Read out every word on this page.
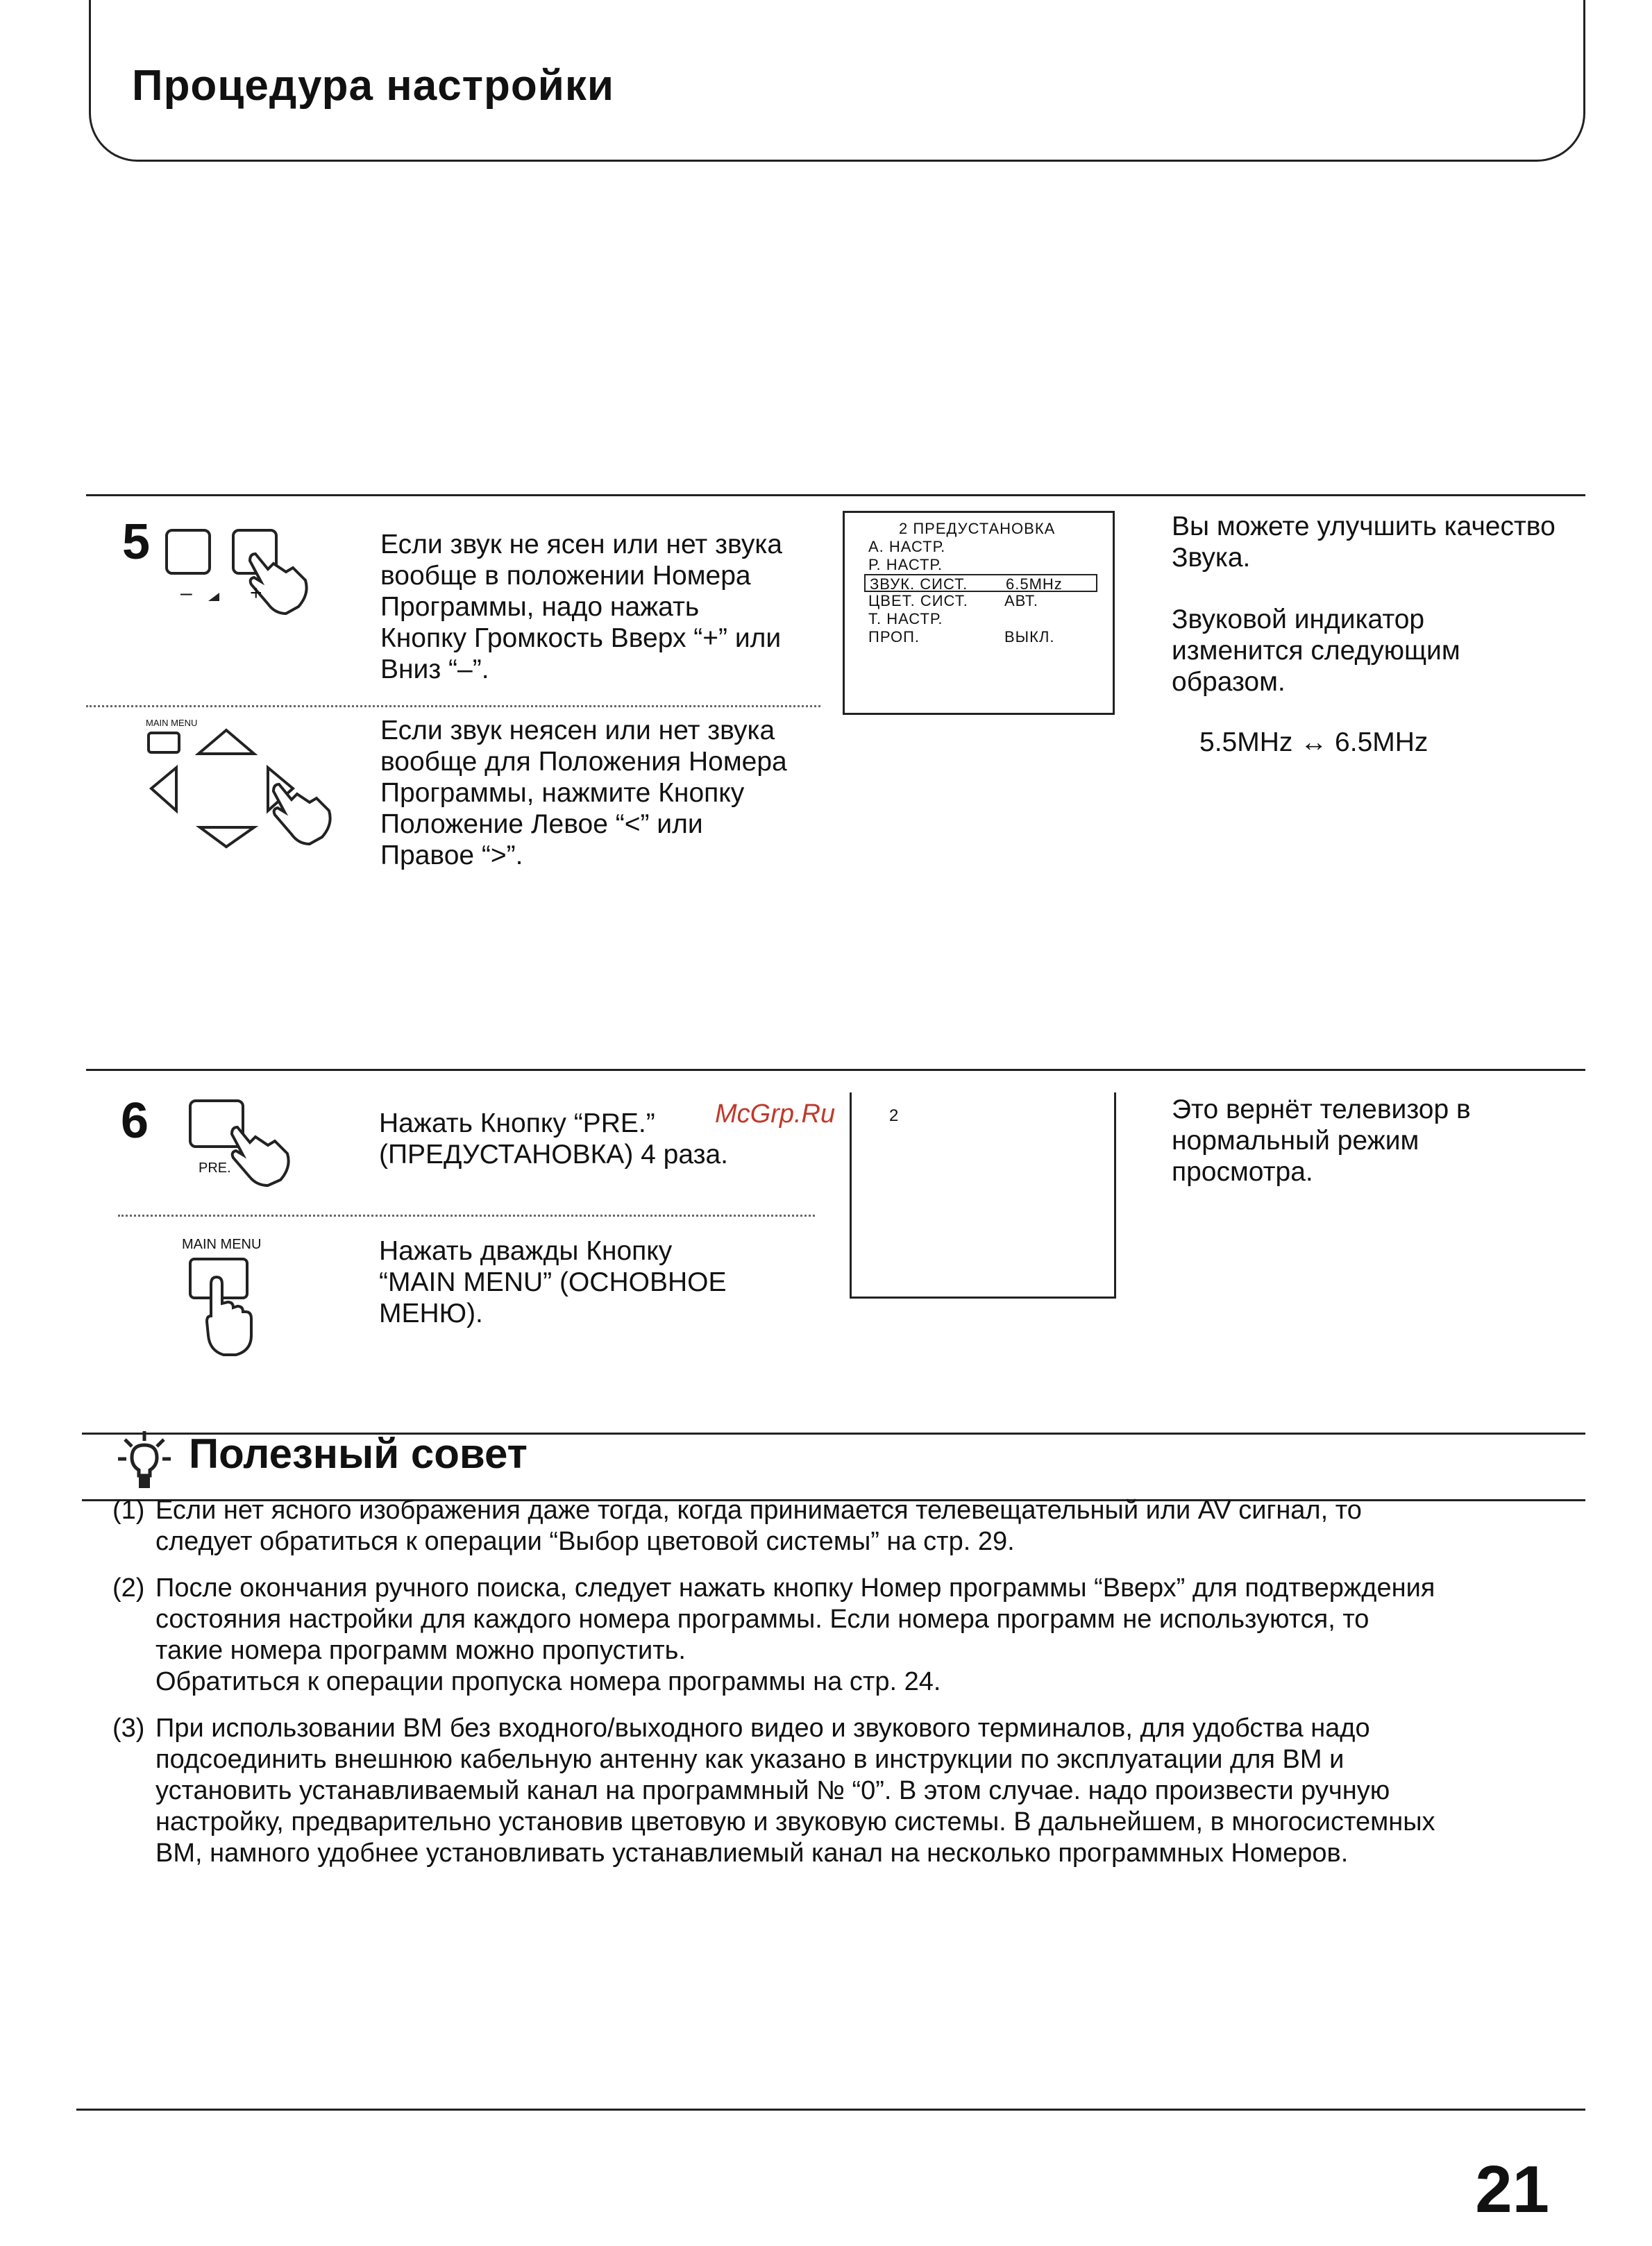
Процедура настройки
5
–	+
Если звук не ясен или нет звука
вообще в положении Номера
Программы, надо нажать
Кнопку Громкость Вверх “+” или
Вниз “–”.
MAIN MENU	Если звук неясен или нет звука
вообще для Положения Номера
Программы, нажмите Кнопку
Положение Левое “<” или
Правое “>”.
2 ПРЕДУСТАНОВКА
А. НАСТР.
Р. НАСТР.
ЗВУК. СИСТ. 6.5MHz
ЦВЕТ. СИСТ. АВТ.
Т. НАСТР.
ПРОП.	ВЫКЛ.
Вы можете улучшить качество
Звука.
Звуковой индикатор
изменится следующим
образом.
5.5MHz ↔ 6.5MHz
6
PRE.
Нажать Кнопку “PRE.”
(ПРЕДУСТАНОВКА) 4 раза.
MAIN MENU	Нажать дважды Кнопку
“MAIN MENU” (ОСНОВНОЕ
МЕНЮ).
2
McGrp.Ru	Это вернёт телевизор в
нормальный режим
просмотра.
Полезный совет
(1) Если нет ясного изображения даже тогда, когда принимается телевещательный или AV сигнал, то
следует обратиться к операции “Выбор цветовой системы” на стр. 29.
(2) После окончания ручного поиска, следует нажать кнопку Номер программы “Вверх” для подтверждения
состояния настройки для каждого номера программы. Если номера программ не используются, то
такие номера программ можно пропустить.
Обратиться к операции пропуска номера программы на стр. 24.
(3) При использовании ВМ без входного/выходного видео и звукового терминалов, для удобства надо
подсоединить внешнюю кабельную антенну как указано в инструкции по эксплуатации для ВМ и
установить устанавливаемый канал на программный № “0”. В этом случае. надо произвести ручную
настройку, предварительно установив цветовую и звуковую системы. В дальнейшем, в многосистемных
ВМ, намного удобнее установливать устанавлиемый канал на несколько программных Номеров.
21
